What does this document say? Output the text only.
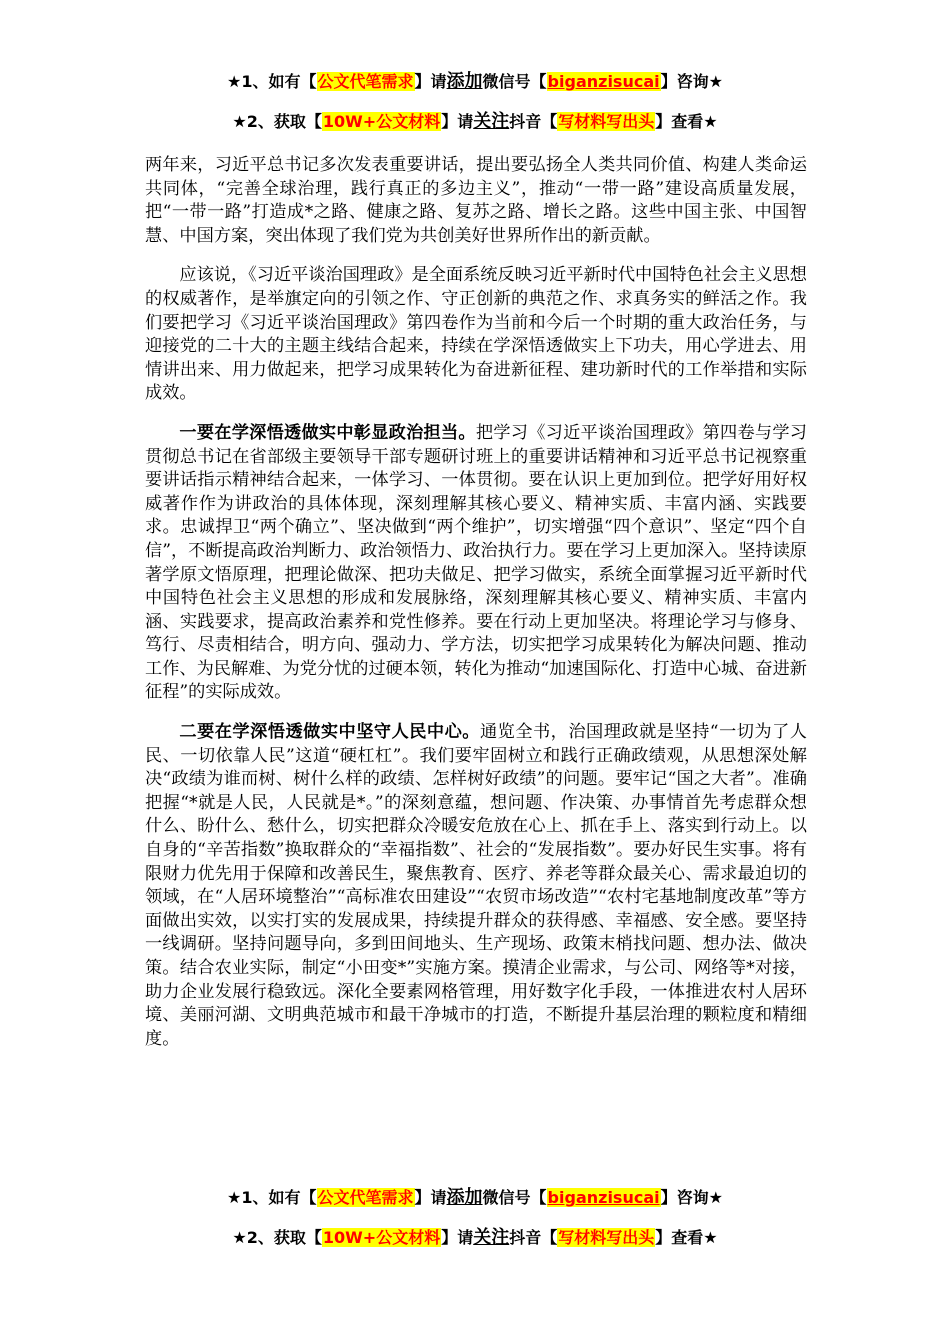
★1、如有【公文代笔需求】请添加微信号【biganzisucai】咨询★
★2、获取【10W+公文材料】请关注抖音【写材料写出头】查看★

两年来，习近平总书记多次发表重要讲话，提出要弘扬全人类共同价值、构建人类命运共同体，“完善全球治理，践行真正的多边主义”，推动“一带一路”建设高质量发展，把“一带一路”打造成*之路、健康之路、复苏之路、增长之路。这些中国主张、中国智慧、中国方案，突出体现了我们党为共创美好世界所作出的新贡献。

应该说，《习近平谈治国理政》是全面系统反映习近平新时代中国特色社会主义思想的权威著作，是举旗定向的引领之作、守正创新的典范之作、求真务实的鲜活之作。我们要把学习《习近平谈治国理政》第四卷作为当前和今后一个时期的重大政治任务，与迎接党的二十大的主题主线结合起来，持续在学深悟透做实上下功夫，用心学进去、用情讲出来、用力做起来，把学习成果转化为奋进新征程、建功新时代的工作举措和实际成效。

一要在学深悟透做实中彰显政治担当。把学习《习近平谈治国理政》第四卷与学习贯彻总书记在省部级主要领导干部专题研讨班上的重要讲话精神和习近平总书记视察重要讲话指示精神结合起来，一体学习、一体贯彻。要在认识上更加到位。把学好用好权威著作作为讲政治的具体体现，深刻理解其核心要义、精神实质、丰富内涵、实践要求。忠诚捍卫“两个确立”、坚决做到“两个维护”，切实增强“四个意识”、坚定“四个自信”，不断提高政治判断力、政治领悟力、政治执行力。要在学习上更加深入。坚持读原著学原文悟原理，把理论做深、把功夫做足、把学习做实，系统全面掌握习近平新时代中国特色社会主义思想的形成和发展脉络，深刻理解其核心要义、精神实质、丰富内涵、实践要求，提高政治素养和党性修养。要在行动上更加坚决。将理论学习与修身、笃行、尽责相结合，明方向、强动力、学方法，切实把学习成果转化为解决问题、推动工作、为民解难、为党分忧的过硬本领，转化为推动“加速国际化、打造中心城、奋进新征程”的实际成效。

二要在学深悟透做实中坚守人民中心。通览全书，治国理政就是坚持“一切为了人民、一切依靠人民”这道“硬杠杠”。我们要牢固树立和践行正确政绩观，从思想深处解决“政绩为谁而树、树什么样的政绩、怎样树好政绩”的问题。要牢记“国之大者”。准确把握“*就是人民，人民就是*。”的深刻意蕴，想问题、作决策、办事情首先考虑群众想什么、盼什么、愁什么，切实把群众冷暖安危放在心上、抓在手上、落实到行动上。以自身的“辛苦指数”换取群众的“幸福指数”、社会的“发展指数”。要办好民生实事。将有限财力优先用于保障和改善民生，聚焦教育、医疗、养老等群众最关心、需求最迫切的领域，在“人居环境整治”“高标准农田建设”“农贸市场改造”“农村宅基地制度改革”等方面做出实效，以实打实的发展成果，持续提升群众的获得感、幸福感、安全感。要坚持一线调研。坚持问题导向，多到田间地头、生产现场、政策末梢找问题、想办法、做决策。结合农业实际，制定“小田变*”实施方案。摸清企业需求，与公司、网络等*对接，助力企业发展行稳致远。深化全要素网格管理，用好数字化手段，一体推进农村人居环境、美丽河湖、文明典范城市和最干净城市的打造，不断提升基层治理的颗粒度和精细度。

★1、如有【公文代笔需求】请添加微信号【biganzisucai】咨询★
★2、获取【10W+公文材料】请关注抖音【写材料写出头】查看★
